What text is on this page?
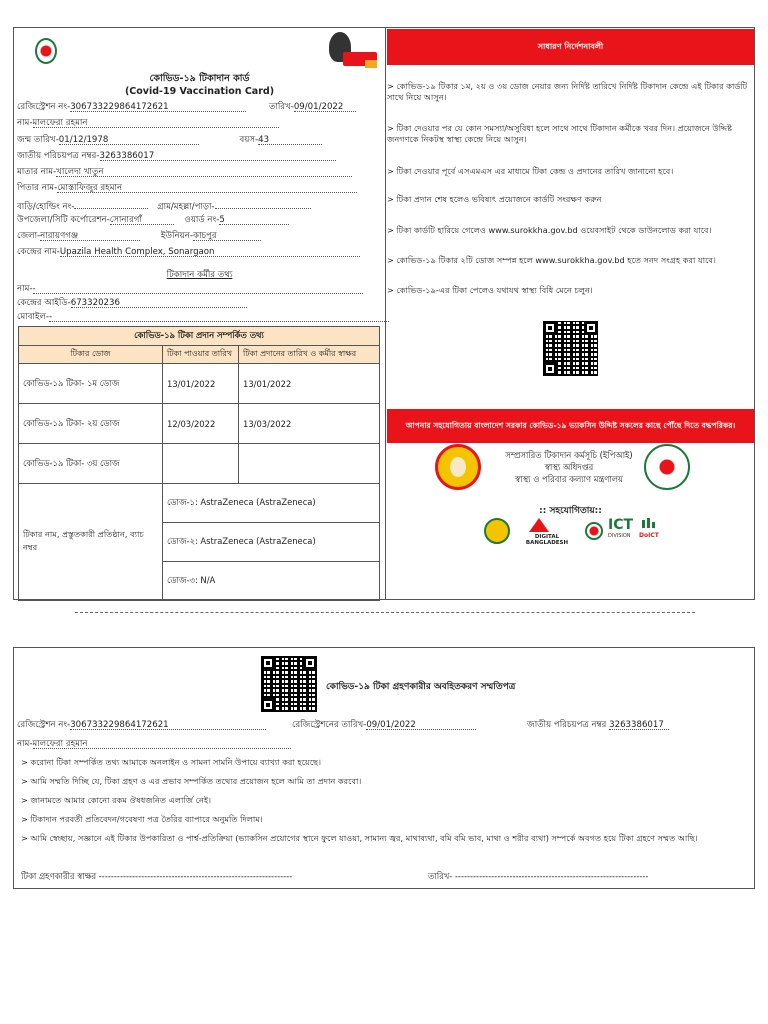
কোভিড-১৯ টিকাদান কার্ড
(Covid-19 Vaccination Card)
রেজিস্ট্রেশন নং-306733229864172621	তারিখ-09/01/2022
নাম-মালফেরা রহমান
জন্ম তারিখ-01/12/1978	বয়স-43
জাতীয় পরিচয়পত্র নম্বর-3263386017
মাতার নাম-খালেদা খাতুন
পিতার নাম-মোস্তাফিজুর রহমান
বাড়ি/হোল্ডিং নং-	গ্রাম/মহল্লা/পাড়া-
উপজেলা/সিটি কর্পোরেশন-সোনারগাঁ	ওয়ার্ড নং-5
জেলা-নারায়ণগঞ্জ	ইউনিয়ন-কাচপুর
কেন্দ্রের নাম-Upazila Health Complex, Sonargaon
টিকাদান কর্মীর তথ্য
নাম--
কেন্দ্রের আইডি-673320236
মোবাইল--
কোভিড-১৯ টিকা প্রদান সম্পর্কিত তথ্য		
টিকার ডোজ	টিকা পাওয়ার তারিখ	টিকা প্রদানের তারিখ ও কর্মীর স্বাক্ষর
কোভিড-১৯ টিকা- ১ম ডোজ	13/01/2022	13/01/2022
কোভিড-১৯ টিকা- ২য় ডোজ	12/03/2022	13/03/2022
কোভিড-১৯ টিকা- ৩য় ডোজ		
টিকার নাম, প্রস্তুতকারী প্রতিষ্ঠান, ব্যাচ নম্বর	ডোজ-১: AstraZeneca (AstraZeneca)	
	ডোজ-২: AstraZeneca (AstraZeneca)	
	ডোজ-৩: N/A	
সাধারণ নির্দেশনাবলী
> কোভিড-১৯ টিকার ১ম, ২য় ও ৩য় ডোজ নেয়ার জন্য নির্দিষ্ট তারিখে নির্দিষ্ট টিকাদান কেন্দ্রে এই টিকার কার্ডটি সাথে নিয়ে আসুন।
> টিকা দেওয়ার পর যে কোন সমস্যা/অসুবিধা হলে সাথে সাথে টিকাদান কর্মীকে খবর দিন। প্রয়োজনে উদ্দিষ্ট জনগণকে নিকটস্থ স্বাস্থ্য কেন্দ্রে নিয়ে আসুন।
> টিকা দেওয়ার পূর্বে এসএমএস এর মাধ্যমে টিকা কেন্দ্র ও প্রদানের তারিখ জানানো হবে।
> টিকা প্রদান শেষ হলেও ভবিষ্যৎ প্রয়োজনে কার্ডটি সংরক্ষণ করুন
> টিকা কার্ডটি হারিয়ে গেলেও www.surokkha.gov.bd ওয়েবসাইট থেকে ডাউনলোড করা যাবে।
> কোভিড-১৯ টিকার ২টি ডোজ সম্পন্ন হলে www.surokkha.gov.bd হতে সনদ সংগ্রহ করা যাবে।
> কোভিড-১৯-এর টিকা পেলেও যথাযথ স্বাস্থ্য বিধি মেনে চলুন।
আপনার সহযোগিতায় বাংলাদেশ সরকার কোভিড-১৯ ভ্যাকসিন উদ্দিষ্ট সকলের কাছে পৌঁছে দিতে বদ্ধপরিকর।
সম্প্রসারিত টিকাদান কর্মসূচি (ইপিআই)
স্বাস্থ্য অধিদপ্তর
স্বাস্থ্য ও পরিবার কল্যাণ মন্ত্রণালয়
:: সহযোগিতায়::
DIGITAL BANGLADESH
ICT
DIVISION	DoICT
কোভিড-১৯ টিকা গ্রহণকারীর অবহিতকরণ সম্মতিপত্র
রেজিস্ট্রেশন নং-306733229864172621	রেজিস্ট্রেশনের তারিখ-09/01/2022	জাতীয় পরিচয়পত্র নম্বর 3263386017
নাম-মালফেরা রহমান
> করোনা টিকা সম্পর্কিত তথ্য আমাকে অনলাইন ও সামনা সামনি উপায়ে ব্যাখ্যা করা হয়েছে।
> আমি সম্মতি দিচ্ছি যে, টিকা গ্রহণ ও এর প্রভাব সম্পর্কিত তথ্যের প্রয়োজন হলে আমি তা প্রদান করবো।
> জানামতে আমার কোনো রকম ঔষধজনিত এলার্জি নেই।
> টিকাদান পরবর্তী প্রতিবেদন/গবেষণা পত্র তৈরির ব্যাপারে অনুমতি দিলাম।
> আমি স্বেচ্ছায়, সজ্ঞানে এই টিকার উপকারিতা ও পার্শ্ব-প্রতিক্রিয়া (ভ্যাকসিন প্রয়োগের স্থানে ফুলে যাওয়া, সামান্য জ্বর, মাথাব্যথা, বমি বমি ভাব, মাথা ও শরীর ব্যথা) সম্পর্কে অবগত হয়ে টিকা গ্রহণে সম্মত আছি।
টিকা গ্রহণকারীর স্বাক্ষর ----------------------------------------------------------------	তারিখ- ----------------------------------------------------------------
